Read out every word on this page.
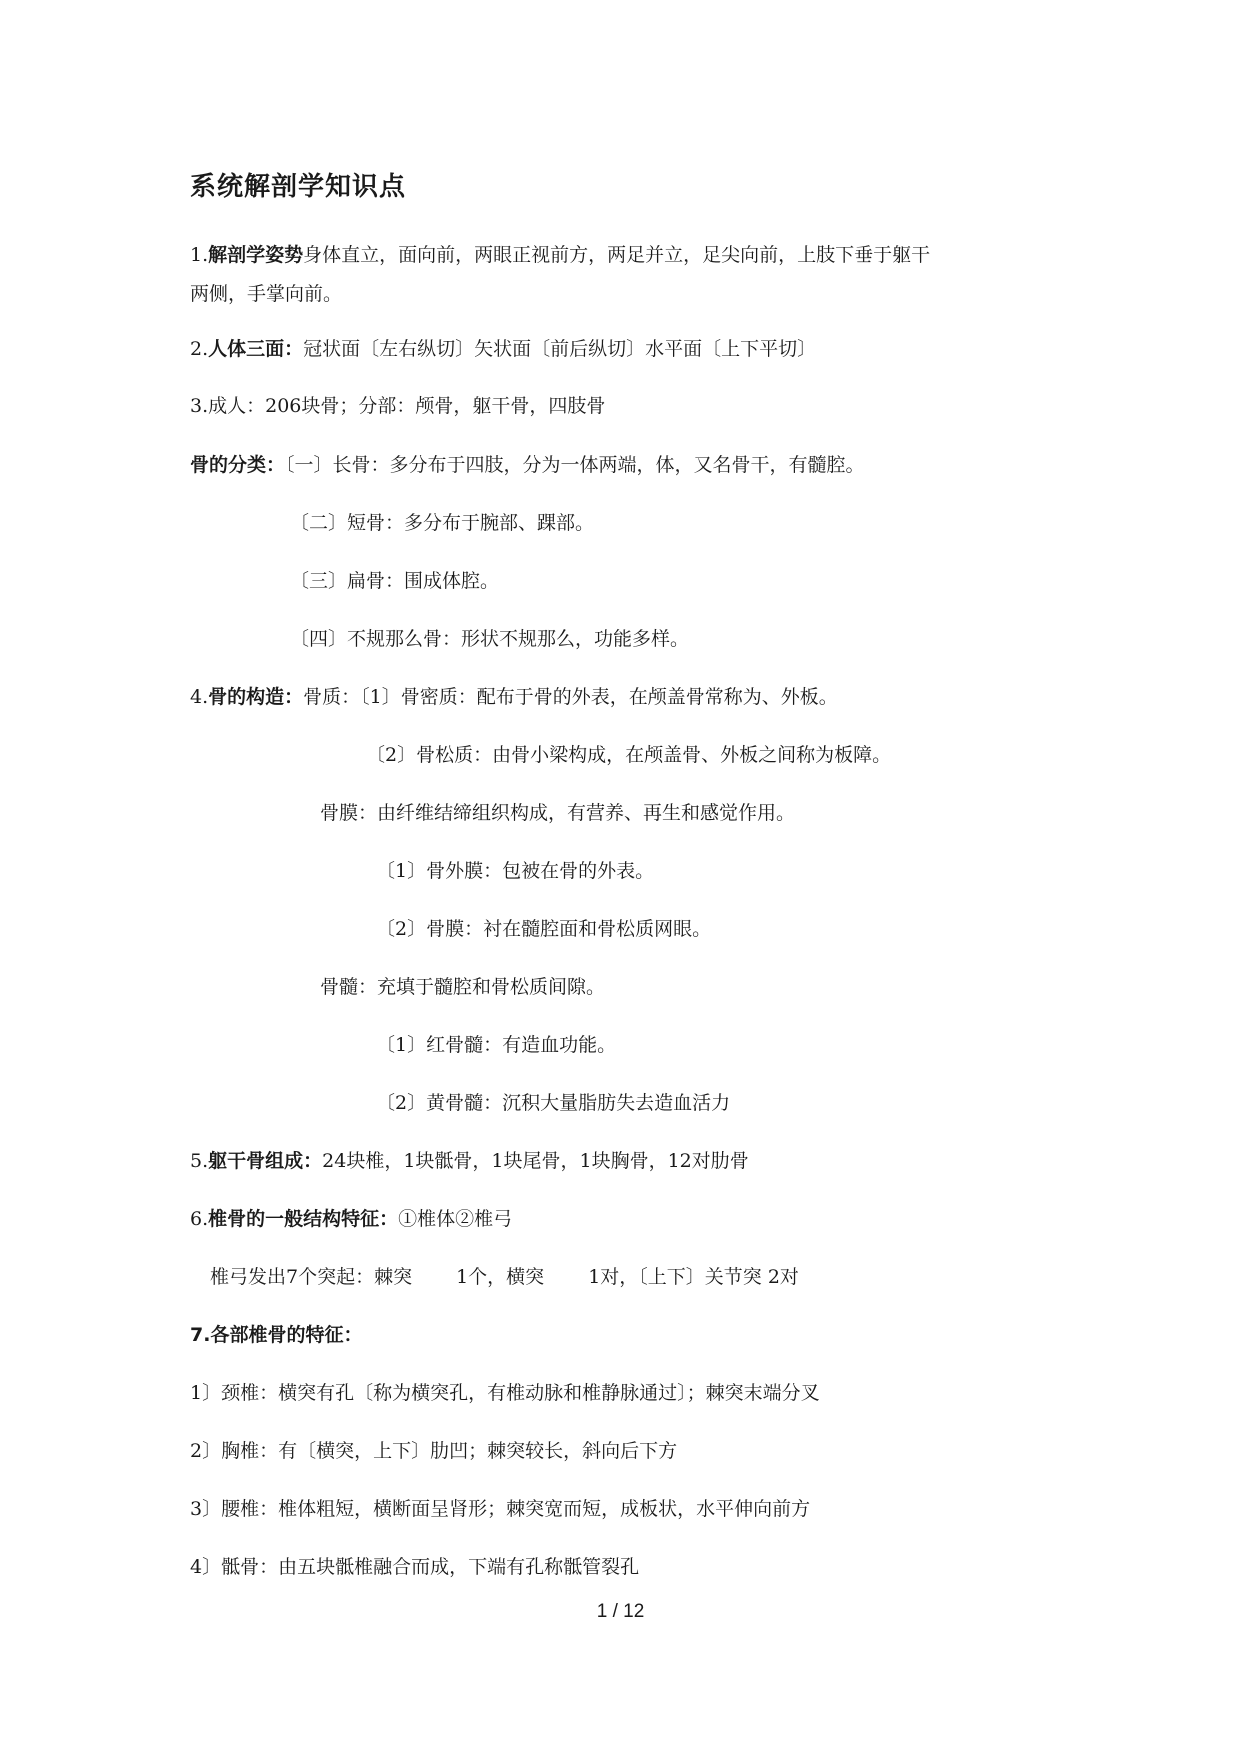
系统解剖学知识点
1.解剖学姿势身体直立，面向前，两眼正视前方，两足并立，足尖向前，上肢下垂于躯干
两侧，手掌向前。
2.人体三面：冠状面〔左右纵切〕矢状面〔前后纵切〕水平面〔上下平切〕
3.成人：206块骨；分部：颅骨，躯干骨，四肢骨
骨的分类：〔一〕长骨：多分布于四肢，分为一体两端，体，又名骨干，有髓腔。
〔二〕短骨：多分布于腕部、踝部。
〔三〕扁骨：围成体腔。
〔四〕不规那么骨：形状不规那么，功能多样。
4.骨的构造：骨质：〔1〕骨密质：配布于骨的外表，在颅盖骨常称为、外板。
〔2〕骨松质：由骨小梁构成，在颅盖骨、外板之间称为板障。
骨膜：由纤维结缔组织构成，有营养、再生和感觉作用。
〔1〕骨外膜：包被在骨的外表。
〔2〕骨膜：衬在髓腔面和骨松质网眼。
骨髓：充填于髓腔和骨松质间隙。
〔1〕红骨髓：有造血功能。
〔2〕黄骨髓：沉积大量脂肪失去造血活力
5.躯干骨组成：24块椎，1块骶骨，1块尾骨，1块胸骨，12对肋骨
6.椎骨的一般结构特征：①椎体②椎弓
椎弓发出7个突起：棘突 1个，横突 1对，〔上下〕关节突 2对
7.各部椎骨的特征：
1〕颈椎：横突有孔〔称为横突孔，有椎动脉和椎静脉通过〕；棘突末端分叉
2〕胸椎：有〔横突，上下〕肋凹；棘突较长，斜向后下方
3〕腰椎：椎体粗短，横断面呈肾形；棘突宽而短，成板状，水平伸向前方
4〕骶骨：由五块骶椎融合而成，下端有孔称骶管裂孔
1 / 12
